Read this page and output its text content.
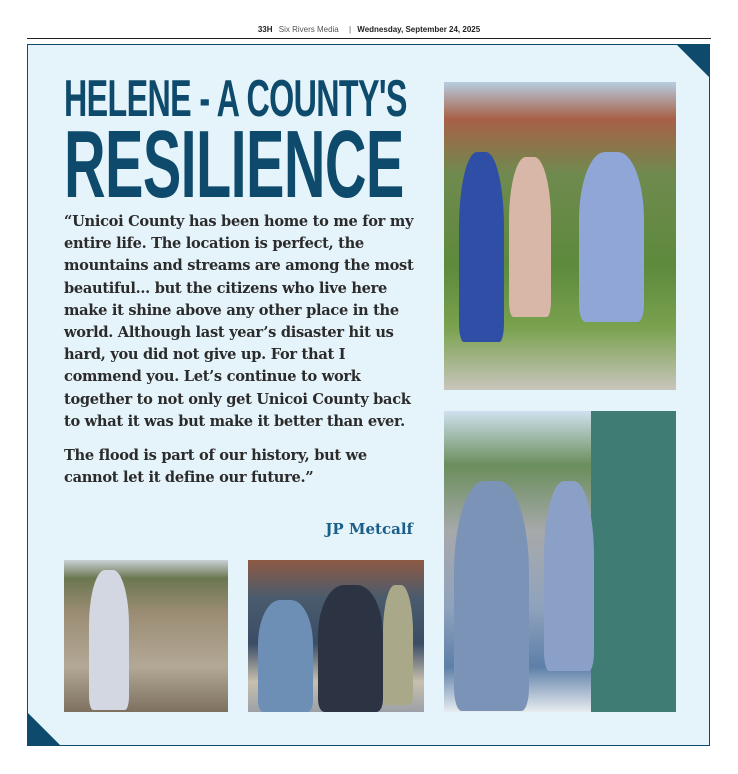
33H Six Rivers Media | Wednesday, September 24, 2025
HELENE - A COUNTY'S
RESILIENCE

“Unicoi County has been home to me for my entire life. The location is perfect, the mountains and streams are among the most beautiful... but the citizens who live here make it shine above any other place in the world. Although last year’s disaster hit us hard, you did not give up. For that I commend you. Let’s continue to work together to not only get Unicoi County back to what it was but make it better than ever.

The flood is part of our history, but we cannot let it define our future.”

JP Metcalf
